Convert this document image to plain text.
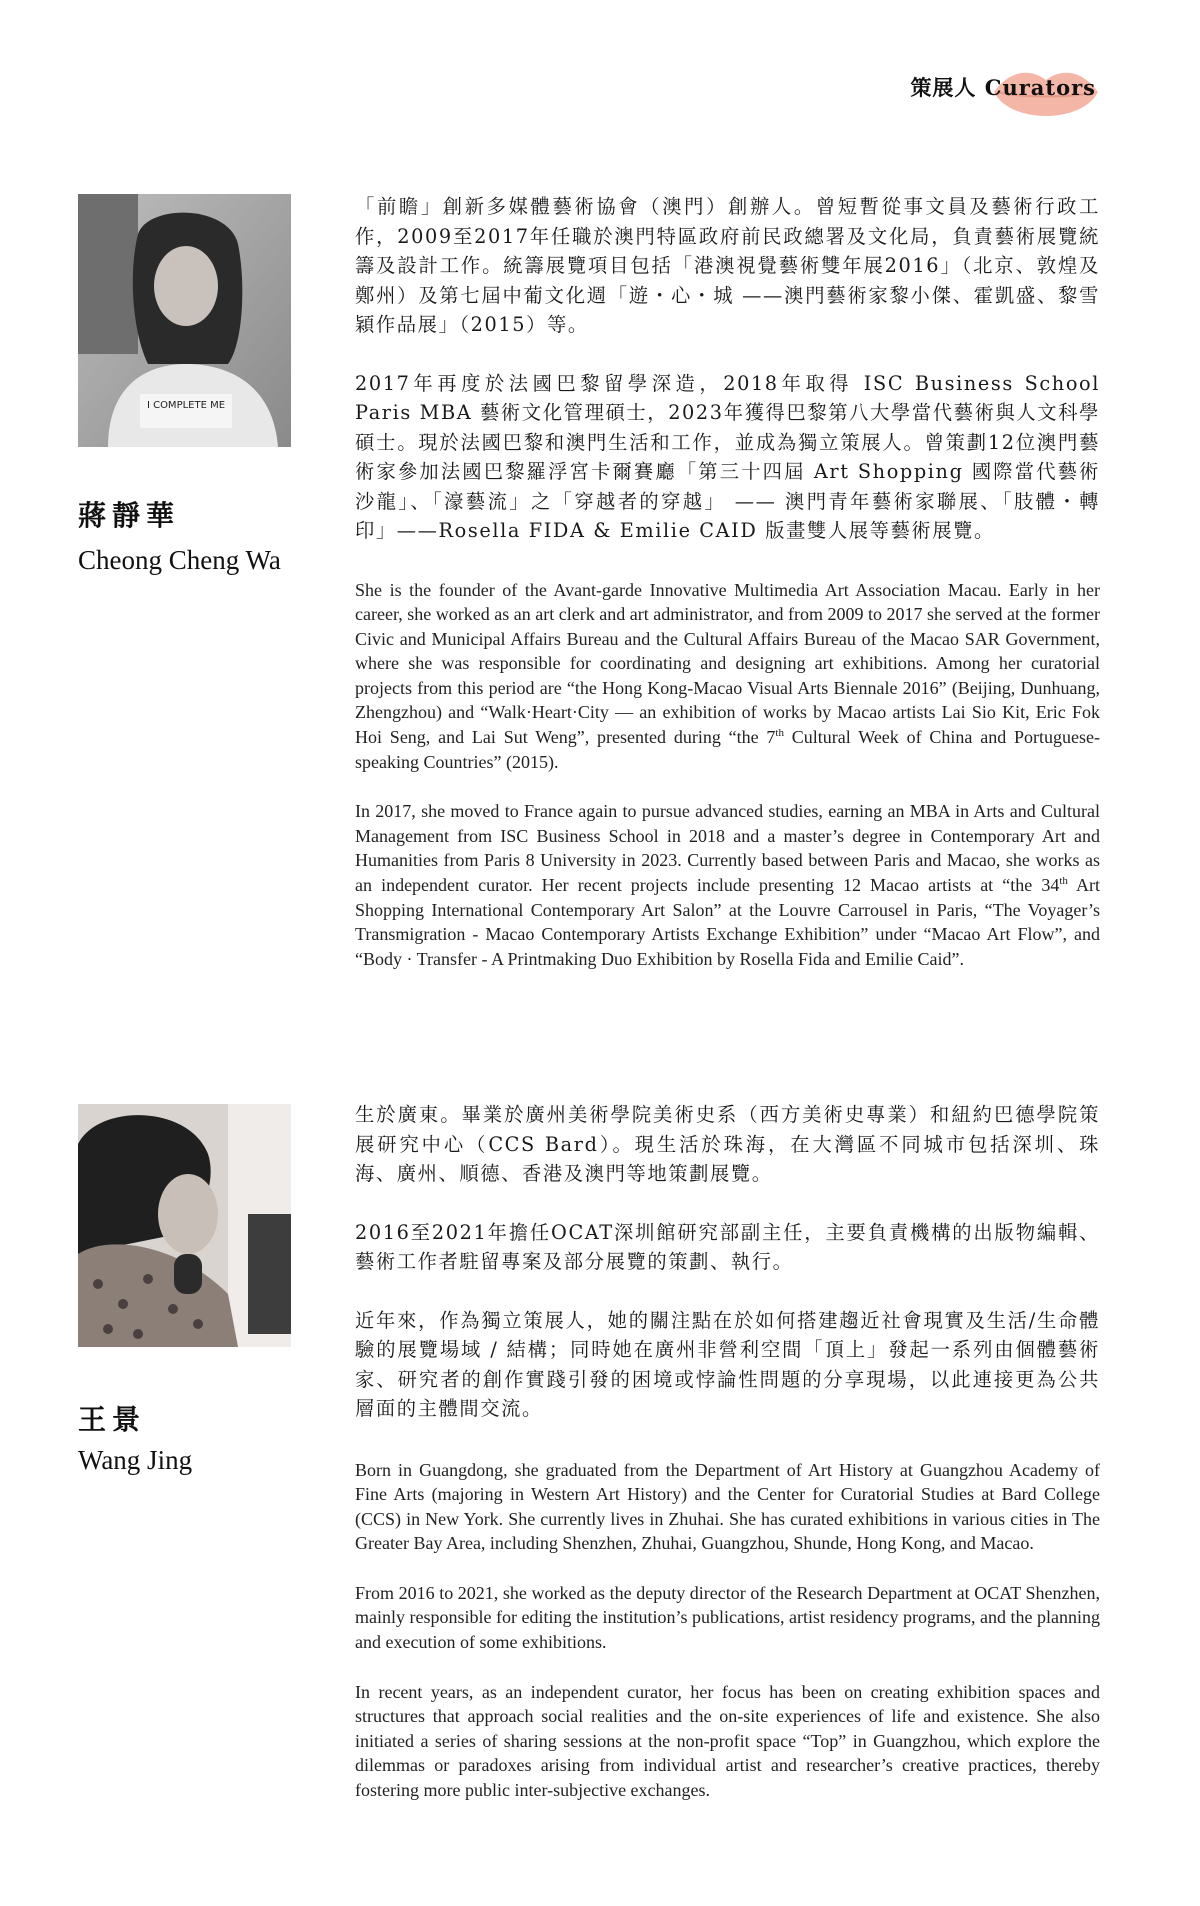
策展人 Curators
I COMPLETE ME
蔣靜華
Cheong Cheng Wa

「前瞻」創新多媒體藝術協會（澳門）創辦人。曾短暫從事文員及藝術行政工作，2009至2017年任職於澳門特區政府前民政總署及文化局，負責藝術展覽統籌及設計工作。統籌展覽項目包括「港澳視覺藝術雙年展2016」（北京、敦煌及鄭州）及第七屆中葡文化週「遊・心・城 ——澳門藝術家黎小傑、霍凱盛、黎雪穎作品展」（2015）等。

2017年再度於法國巴黎留學深造，2018年取得 ISC Business School Paris MBA 藝術文化管理碩士，2023年獲得巴黎第八大學當代藝術與人文科學碩士。現於法國巴黎和澳門生活和工作，並成為獨立策展人。曾策劃12位澳門藝術家參加法國巴黎羅浮宮卡爾賽廳「第三十四屆 Art Shopping 國際當代藝術沙龍」、「濠藝流」之「穿越者的穿越」 —— 澳門青年藝術家聯展、「肢體・轉印」——Rosella FIDA & Emilie CAID 版畫雙人展等藝術展覽。

She is the founder of the Avant-garde Innovative Multimedia Art Association Macau. Early in her career, she worked as an art clerk and art administrator, and from 2009 to 2017 she served at the former Civic and Municipal Affairs Bureau and the Cultural Affairs Bureau of the Macao SAR Government, where she was responsible for coordinating and designing art exhibitions. Among her curatorial projects from this period are “the Hong Kong-Macao Visual Arts Biennale 2016” (Beijing, Dunhuang, Zhengzhou) and “Walk·Heart·City — an exhibition of works by Macao artists Lai Sio Kit, Eric Fok Hoi Seng, and Lai Sut Weng”, presented during “the 7th Cultural Week of China and Portuguese-speaking Countries” (2015).

In 2017, she moved to France again to pursue advanced studies, earning an MBA in Arts and Cultural Management from ISC Business School in 2018 and a master’s degree in Contemporary Art and Humanities from Paris 8 University in 2023. Currently based between Paris and Macao, she works as an independent curator. Her recent projects include presenting 12 Macao artists at “the 34th Art Shopping International Contemporary Art Salon” at the Louvre Carrousel in Paris, “The Voyager’s Transmigration - Macao Contemporary Artists Exchange Exhibition” under “Macao Art Flow”, and “Body · Transfer - A Printmaking Duo Exhibition by Rosella Fida and Emilie Caid”.

王景
Wang Jing

生於廣東。畢業於廣州美術學院美術史系（西方美術史專業）和紐約巴德學院策展研究中心（CCS Bard）。現生活於珠海，在大灣區不同城市包括深圳、珠海、廣州、順德、香港及澳門等地策劃展覽。

2016至2021年擔任OCAT深圳館研究部副主任，主要負責機構的出版物編輯、藝術工作者駐留專案及部分展覽的策劃、執行。

近年來，作為獨立策展人，她的關注點在於如何搭建趨近社會現實及生活/生命體驗的展覽場域 / 結構；同時她在廣州非營利空間「頂上」發起一系列由個體藝術家、研究者的創作實踐引發的困境或悖論性問題的分享現場，以此連接更為公共層面的主體間交流。

Born in Guangdong, she graduated from the Department of Art History at Guangzhou Academy of Fine Arts (majoring in Western Art History) and the Center for Curatorial Studies at Bard College (CCS) in New York. She currently lives in Zhuhai. She has curated exhibitions in various cities in The Greater Bay Area, including Shenzhen, Zhuhai, Guangzhou, Shunde, Hong Kong, and Macao.

From 2016 to 2021, she worked as the deputy director of the Research Department at OCAT Shenzhen, mainly responsible for editing the institution’s publications, artist residency programs, and the planning and execution of some exhibitions.

In recent years, as an independent curator, her focus has been on creating exhibition spaces and structures that approach social realities and the on-site experiences of life and existence. She also initiated a series of sharing sessions at the non-profit space “Top” in Guangzhou, which explore the dilemmas or paradoxes arising from individual artist and researcher’s creative practices, thereby fostering more public inter-subjective exchanges.
